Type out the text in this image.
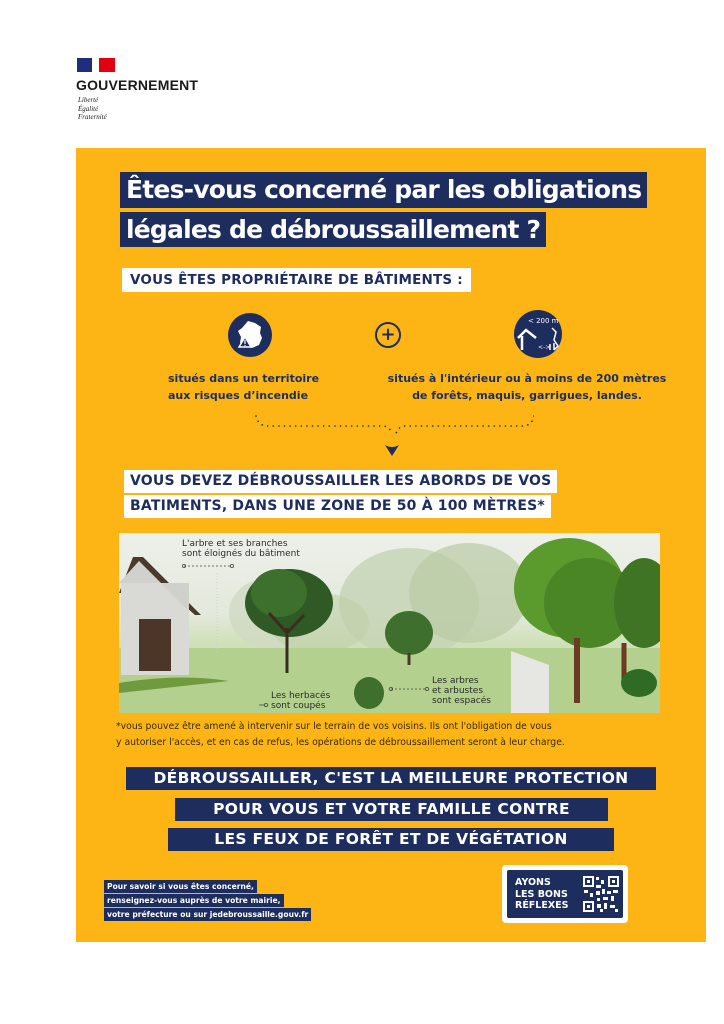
GOUVERNEMENT
Liberté
Égalité
Fraternité
Êtes-vous concerné par les obligations
légales de débroussaillement ?
VOUS ÊTES PROPRIÉTAIRE DE BÂTIMENTS :
+
< 200 m
<->
situés dans un territoire
aux risques d’incendie
situés à l'intérieur ou à moins de 200 mètres
de forêts, maquis, garrigues, landes.
VOUS DEVEZ DÉBROUSSAILLER LES ABORDS DE VOS
BATIMENTS, DANS UNE ZONE DE 50 À 100 MÈTRES*
L'arbre et ses branches
sont éloignés du bâtiment
Les herbacés
sont coupés
Les arbres
et arbustes
sont espacés
*vous pouvez être amené à intervenir sur le terrain de vos voisins. Ils ont l'obligation de vous
y autoriser l'accès, et en cas de refus, les opérations de débroussaillement seront à leur charge.
DÉBROUSSAILLER, C'EST LA MEILLEURE PROTECTION
POUR VOUS ET VOTRE FAMILLE CONTRE
LES FEUX DE FORÊT ET DE VÉGÉTATION
Pour savoir si vous êtes concerné,
renseignez-vous auprès de votre mairie,
votre préfecture ou sur jedebroussaille.gouv.fr
AYONS
LES BONS
RÉFLEXES
